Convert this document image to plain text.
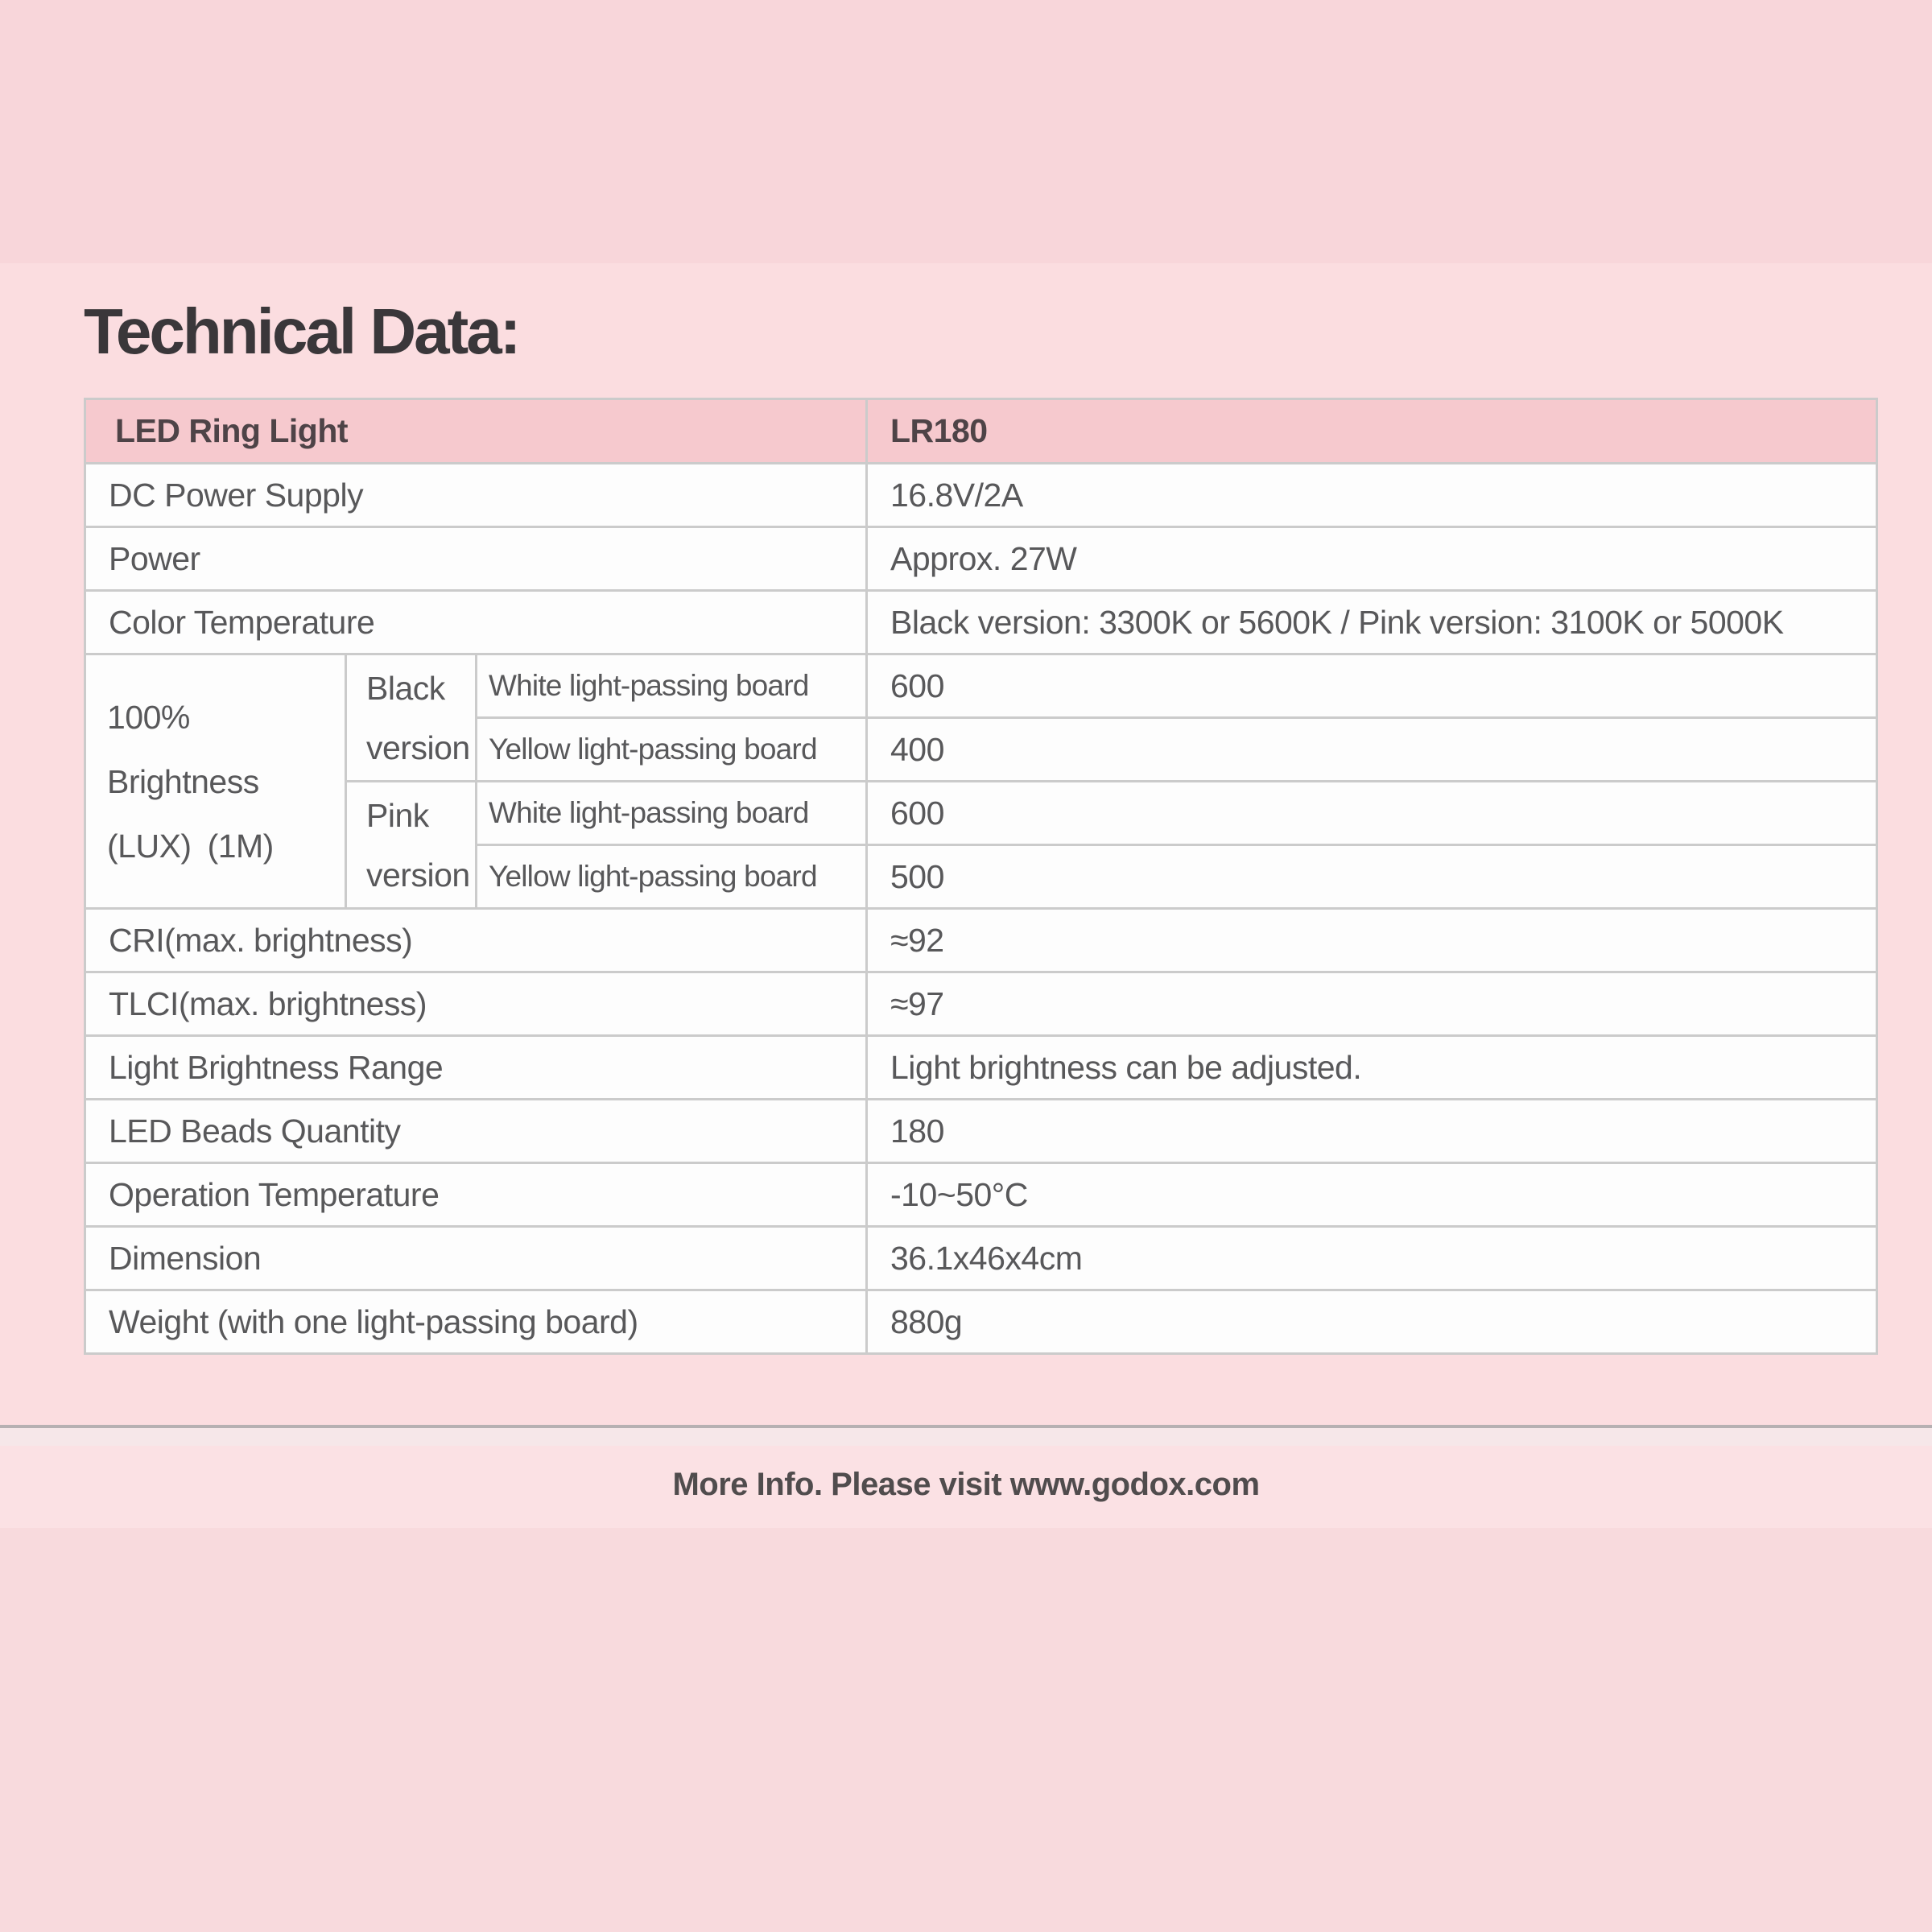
Technical Data:
LED Ring Light			LR180
DC Power Supply			16.8V/2A
Power			Approx. 27W
Color Temperature			Black version: 3300K or 5600K / Pink version: 3100K or 5000K

100%
Brightness
(LUX) (1M)	Black version	White light-passing board	600
		Yellow light-passing board	400
	Pink version	White light-passing board	600
		Yellow light-passing board	500
CRI(max. brightness)			≈92
TLCI(max. brightness)			≈97
Light Brightness Range			Light brightness can be adjusted.
LED Beads Quantity			180
Operation Temperature			-10~50°C
Dimension			36.1x46x4cm
Weight (with one light-passing board)			880g
More Info. Please visit www.godox.com
